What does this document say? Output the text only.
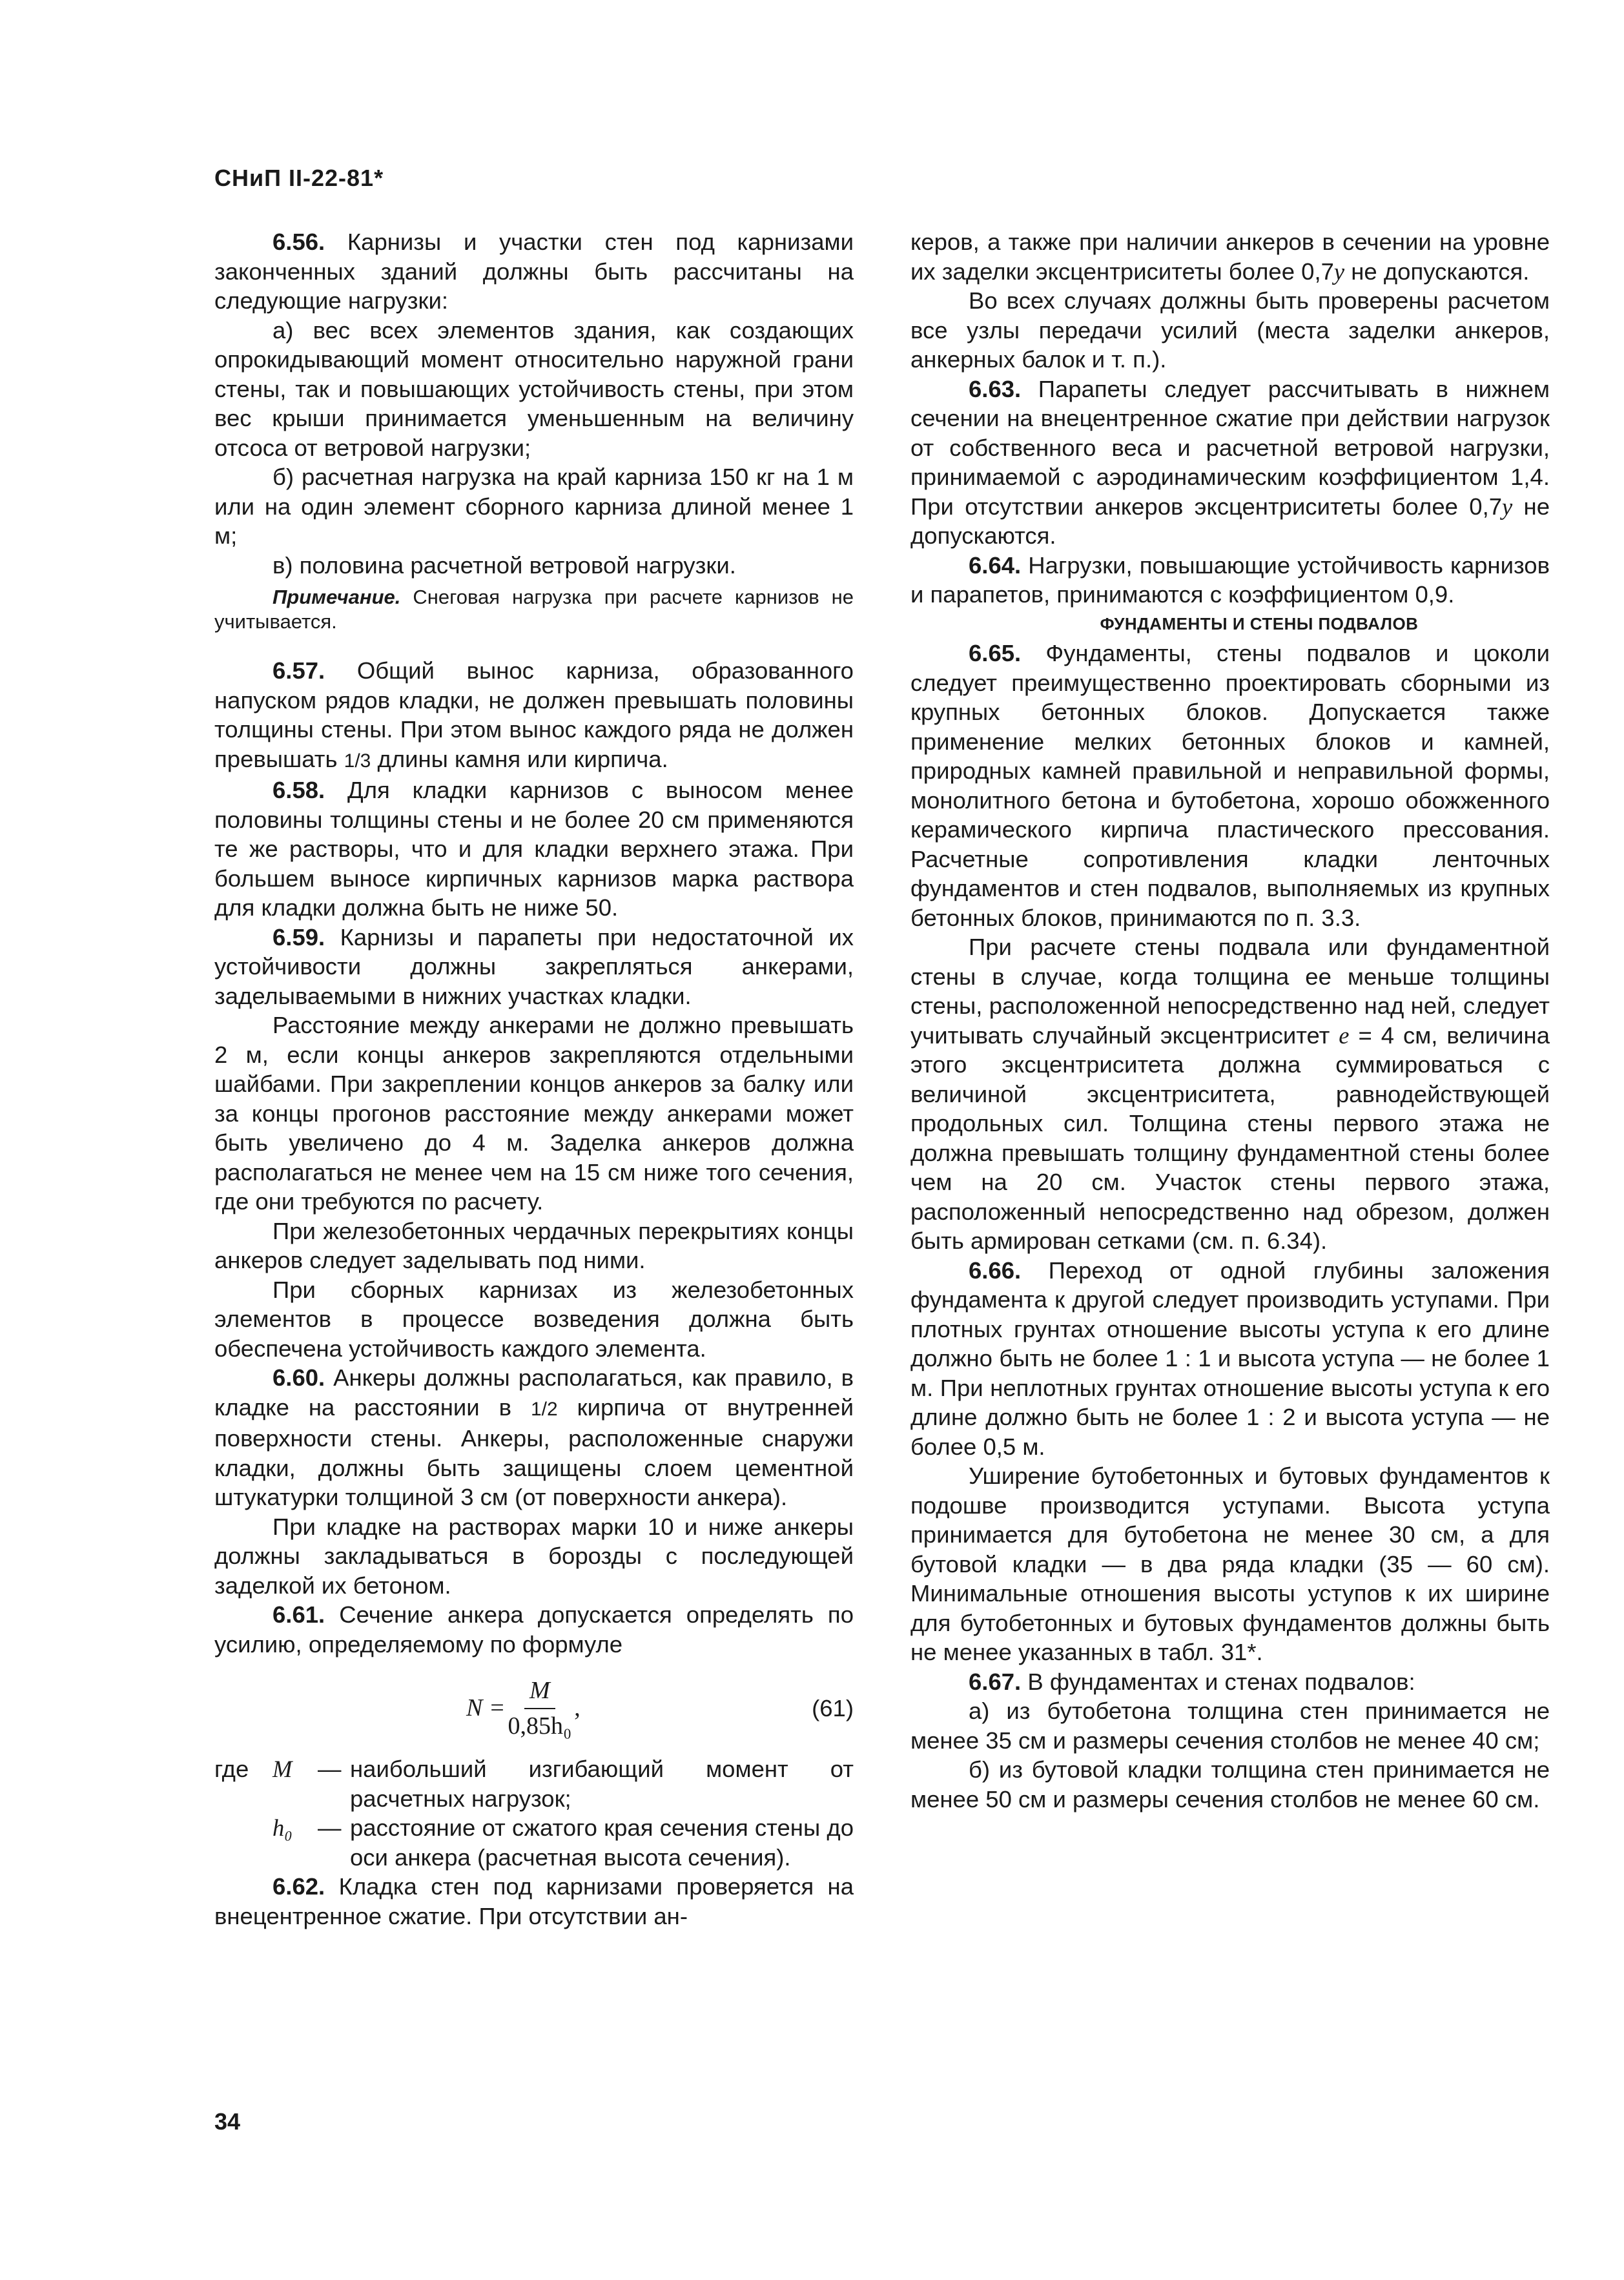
СНиП II-22-81*

6.56. Карнизы и участки стен под карнизами законченных зданий должны быть рассчитаны на следующие нагрузки:

а) вес всех элементов здания, как создающих опрокидывающий момент относительно наружной грани стены, так и повышающих устойчивость стены, при этом вес крыши принимается уменьшенным на величину отсоса от ветровой нагрузки;

б) расчетная нагрузка на край карниза 150 кг на 1 м или на один элемент сборного карниза длиной менее 1 м;

в) половина расчетной ветровой нагрузки.

Примечание. Снеговая нагрузка при расчете карнизов не учитывается.

6.57. Общий вынос карниза, образованного напуском рядов кладки, не должен превышать половины толщины стены. При этом вынос каждого ряда не должен превышать 1/3 длины камня или кирпича.

6.58. Для кладки карнизов с выносом менее половины толщины стены и не более 20 см применяются те же растворы, что и для кладки верхнего этажа. При большем выносе кирпичных карнизов марка раствора для кладки должна быть не ниже 50.

6.59. Карнизы и парапеты при недостаточной их устойчивости должны закрепляться анкерами, заделываемыми в нижних участках кладки.

Расстояние между анкерами не должно превышать 2 м, если концы анкеров закрепляются отдельными шайбами. При закреплении концов анкеров за балку или за концы прогонов расстояние между анкерами может быть увеличено до 4 м. Заделка анкеров должна располагаться не менее чем на 15 см ниже того сечения, где они требуются по расчету.

При железобетонных чердачных перекрытиях концы анкеров следует заделывать под ними.

При сборных карнизах из железобетонных элементов в процессе возведения должна быть обеспечена устойчивость каждого элемента.

6.60. Анкеры должны располагаться, как правило, в кладке на расстоянии в 1/2 кирпича от внутренней поверхности стены. Анкеры, расположенные снаружи кладки, должны быть защищены слоем цементной штукатурки толщиной 3 см (от поверхности анкера).

При кладке на растворах марки 10 и ниже анкеры должны закладываться в борозды с последующей заделкой их бетоном.

6.61. Сечение анкера допускается определять по усилию, определяемому по формуле

$N = \frac{M}{\text{0,85h₀}}$ ,	(61)
где	M	— наибольший изгибающий момент от расчетных нагрузок;
h₀	— расстояние от сжатого края сечения стены до оси анкера (расчетная высота сечения).

6.62. Кладка стен под карнизами проверяется на внецентренное сжатие. При отсутствии ан-

керов, а также при наличии анкеров в сечении на уровне их заделки эксцентриситеты более 0,7y не допускаются.

Во всех случаях должны быть проверены расчетом все узлы передачи усилий (места заделки анкеров, анкерных балок и т. п.).

6.63. Парапеты следует рассчитывать в нижнем сечении на внецентренное сжатие при действии нагрузок от собственного веса и расчетной ветровой нагрузки, принимаемой с аэродинамическим коэффициентом 1,4. При отсутствии анкеров эксцентриситеты более 0,7y не допускаются.

6.64. Нагрузки, повышающие устойчивость карнизов и парапетов, принимаются с коэффициентом 0,9.

ФУНДАМЕНТЫ И СТЕНЫ ПОДВАЛОВ

6.65. Фундаменты, стены подвалов и цоколи следует преимущественно проектировать сборными из крупных бетонных блоков. Допускается также применение мелких бетонных блоков и камней, природных камней правильной и неправильной формы, монолитного бетона и бутобетона, хорошо обожженного керамического кирпича пластического прессования. Расчетные сопротивления кладки ленточных фундаментов и стен подвалов, выполняемых из крупных бетонных блоков, принимаются по п. 3.3.

При расчете стены подвала или фундаментной стены в случае, когда толщина ее меньше толщины стены, расположенной непосредственно над ней, следует учитывать случайный эксцентриситет e = 4 см, величина этого эксцентриситета должна суммироваться с величиной эксцентриситета, равнодействующей продольных сил. Толщина стены первого этажа не должна превышать толщину фундаментной стены более чем на 20 см. Участок стены первого этажа, расположенный непосредственно над обрезом, должен быть армирован сетками (см. п. 6.34).

6.66. Переход от одной глубины заложения фундамента к другой следует производить уступами. При плотных грунтах отношение высоты уступа к его длине должно быть не более 1 : 1 и высота уступа — не более 1 м. При неплотных грунтах отношение высоты уступа к его длине должно быть не более 1 : 2 и высота уступа — не более 0,5 м.

Уширение бутобетонных и бутовых фундаментов к подошве производится уступами. Высота уступа принимается для бутобетона не менее 30 см, а для бутовой кладки — в два ряда кладки (35 — 60 см). Минимальные отношения высоты уступов к их ширине для бутобетонных и бутовых фундаментов должны быть не менее указанных в табл. 31*.

6.67. В фундаментах и стенах подвалов:

а) из бутобетона толщина стен принимается не менее 35 см и размеры сечения столбов не менее 40 см;

б) из бутовой кладки толщина стен принимается не менее 50 см и размеры сечения столбов не менее 60 см.

34
